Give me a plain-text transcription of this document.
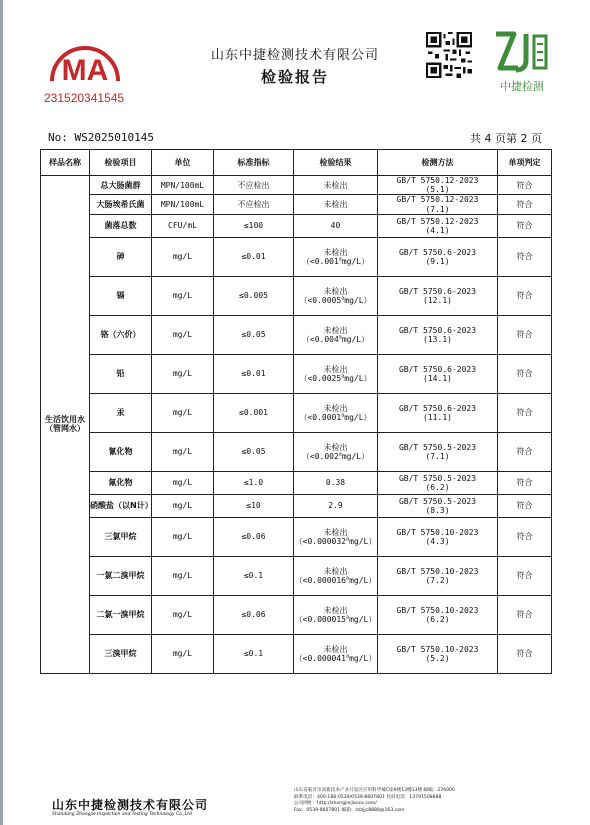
MA
231520341545
山东中捷检测技术有限公司
检验报告
中捷检测
No: WS2025010145	共 4 页第 2 页
样品名称	检验项目	单位	标准指标	检验结果	检测方法	单项判定
生活饮用水（管网水）	总大肠菌群	MPN/100mL	不应检出	未检出	GB/T 5750.12-2023
(5.1)	符合
	大肠埃希氏菌	MPN/100mL	不应检出	未检出	GB/T 5750.12-2023
(7.1)	符合
	菌落总数	CFU/mL	≤100	40	GB/T 5750.12-2023
(4.1)	符合
	砷	mg/L	≤0.01	未检出
（<0.001$^a$mg/L）	GB/T 5750.6-2023
(9.1)	符合
	镉	mg/L	≤0.005	未检出
（<0.0005$^a$mg/L）	GB/T 5750.6-2023
(12.1)	符合
	铬（六价）	mg/L	≤0.05	未检出
（<0.004$^a$mg/L）	GB/T 5750.6-2023
(13.1)	符合
	铅	mg/L	≤0.01	未检出
（<0.0025$^a$mg/L）	GB/T 5750.6-2023
(14.1)	符合
	汞	mg/L	≤0.001	未检出
（<0.0001$^a$mg/L）	GB/T 5750.6-2023
(11.1)	符合
	氰化物	mg/L	≤0.05	未检出
（<0.002$^a$mg/L）	GB/T 5750.5-2023
(7.1)	符合
	氟化物	mg/L	≤1.0	0.38	GB/T 5750.5-2023
(6.2)	符合
	硝酸盐（以N计）	mg/L	≤10	2.9	GB/T 5750.5-2023
(8.3)	符合
	三氯甲烷	mg/L	≤0.06	未检出
（<0.000032$^a$mg/L）	GB/T 5750.10-2023
(4.3)	符合
	一氯二溴甲烷	mg/L	≤0.1	未检出
（<0.000016$^a$mg/L）	GB/T 5750.10-2023
(7.2)	符合
	二氯一溴甲烷	mg/L	≤0.06	未检出
（<0.000015$^a$mg/L）	GB/T 5750.10-2023
(6.2)	符合
	三溴甲烷	mg/L	≤0.1	未检出
（<0.000041$^a$mg/L）	GB/T 5750.10-2023
(5.2)	符合
山东中捷检测技术有限公司
Shandong Zhongjie Inspection and Testing Technology Co.,Ltd
山东省临沂市高新技术产业开发区应用科学城C座9楼13楼13楼 邮编：276000
联系电话：400-188-0539/0539-8607801 投诉电话：13791508888
公司网址：http://zhongjiejiance.com/
Fax：0539-8607801 邮箱：zdzjjc8888@163.com
